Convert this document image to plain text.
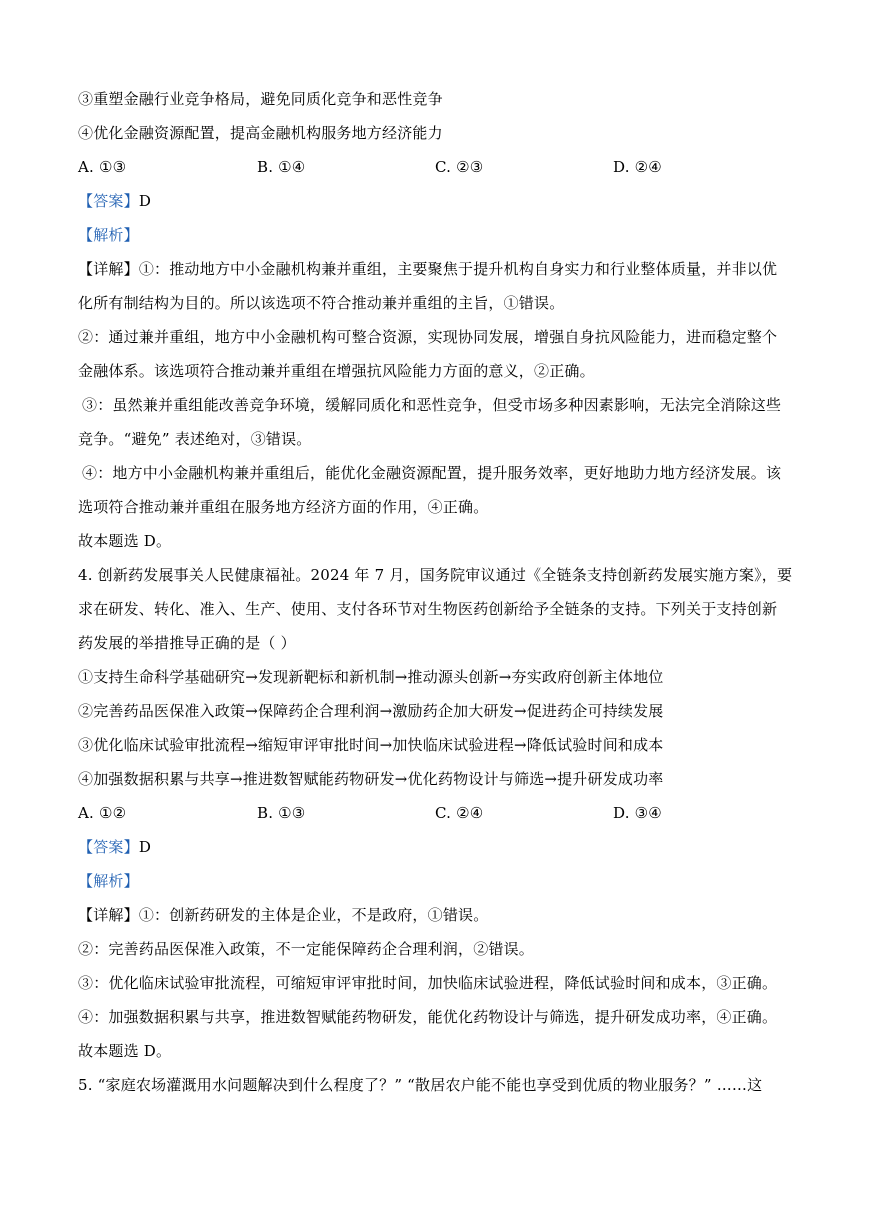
③重塑金融行业竞争格局，避免同质化竞争和恶性竞争
④优化金融资源配置，提高金融机构服务地方经济能力
A. ①③	B. ①④	C. ②③	D. ②④
【答案】D
【解析】
【详解】①：推动地方中小金融机构兼并重组，主要聚焦于提升机构自身实力和行业整体质量，并非以优
化所有制结构为目的。所以该选项不符合推动兼并重组的主旨，①错误。
②：通过兼并重组，地方中小金融机构可整合资源，实现协同发展，增强自身抗风险能力，进而稳定整个
金融体系。该选项符合推动兼并重组在增强抗风险能力方面的意义，②正确。
③：虽然兼并重组能改善竞争环境，缓解同质化和恶性竞争，但受市场多种因素影响，无法完全消除这些
竞争。“避免” 表述绝对，③错误。
④：地方中小金融机构兼并重组后，能优化金融资源配置，提升服务效率，更好地助力地方经济发展。该
选项符合推动兼并重组在服务地方经济方面的作用，④正确。
故本题选 D。
4. 创新药发展事关人民健康福祉。2024 年 7 月，国务院审议通过《全链条支持创新药发展实施方案》，要
求在研发、转化、准入、生产、使用、支付各环节对生物医药创新给予全链条的支持。下列关于支持创新
药发展的举措推导正确的是（ ）
①支持生命科学基础研究→发现新靶标和新机制→推动源头创新→夯实政府创新主体地位
②完善药品医保准入政策→保障药企合理利润→激励药企加大研发→促进药企可持续发展
③优化临床试验审批流程→缩短审评审批时间→加快临床试验进程→降低试验时间和成本
④加强数据积累与共享→推进数智赋能药物研发→优化药物设计与筛选→提升研发成功率
A. ①②	B. ①③	C. ②④	D. ③④
【答案】D
【解析】
【详解】①：创新药研发的主体是企业，不是政府，①错误。
②：完善药品医保准入政策，不一定能保障药企合理利润，②错误。
③：优化临床试验审批流程，可缩短审评审批时间，加快临床试验进程，降低试验时间和成本，③正确。
④：加强数据积累与共享，推进数智赋能药物研发，能优化药物设计与筛选，提升研发成功率，④正确。
故本题选 D。
5. “家庭农场灌溉用水问题解决到什么程度了？” “散居农户能不能也享受到优质的物业服务？” ……这
